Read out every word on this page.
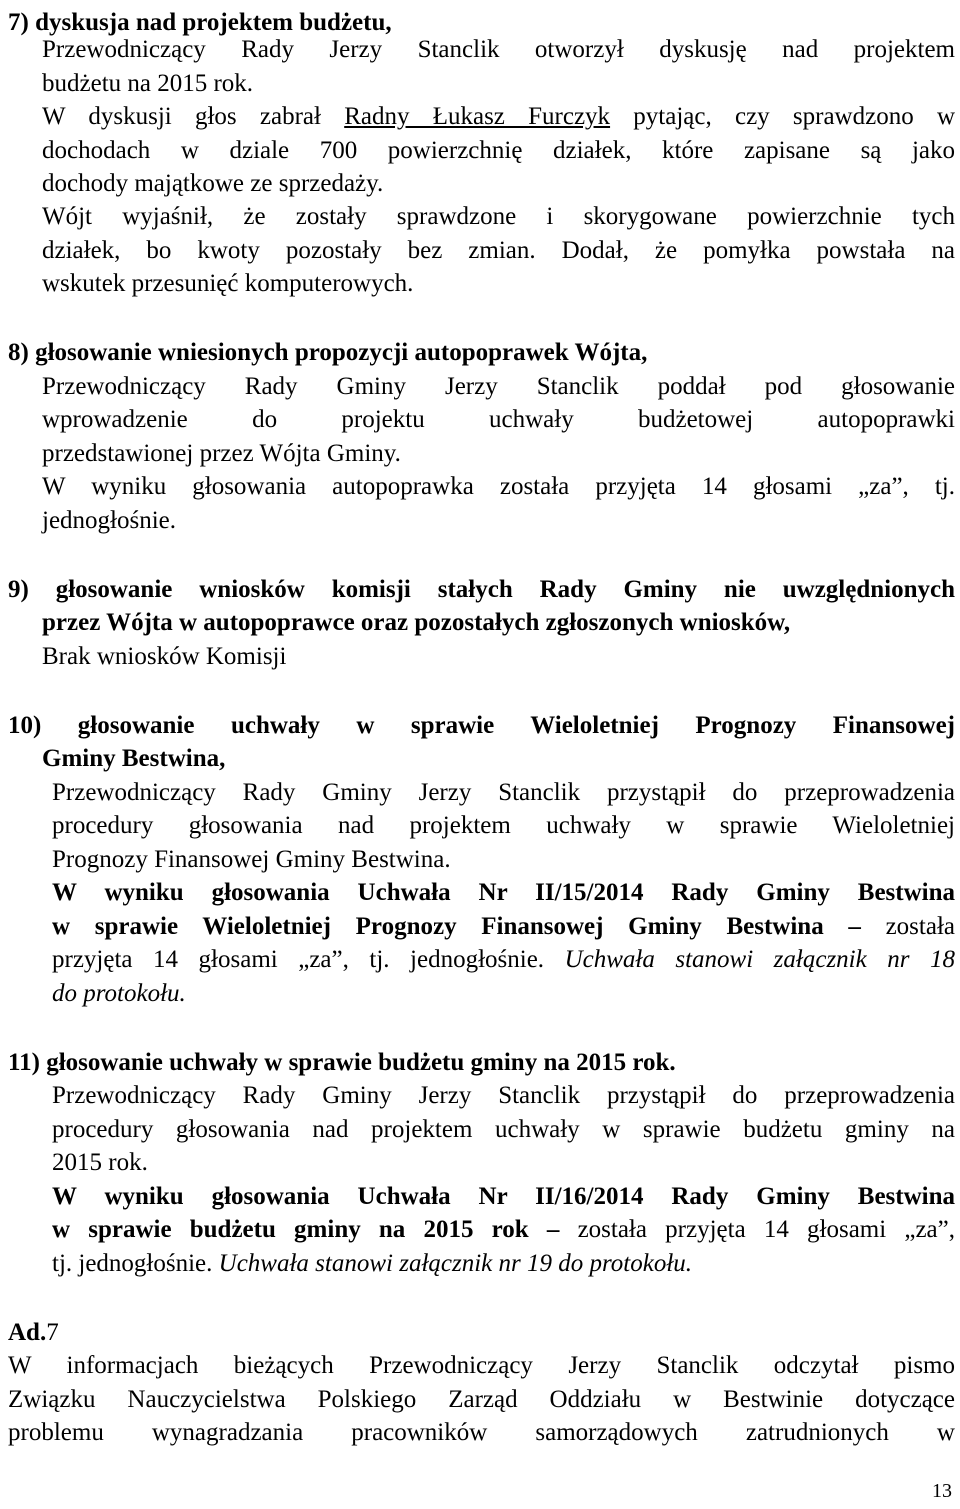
7) dyskusja nad projektem budżetu,
Przewodniczący Rady Jerzy Stanclik otworzył dyskusję nad projektem
budżetu na 2015 rok.
W dyskusji głos zabrał Radny Łukasz Furczyk pytając, czy sprawdzono w
dochodach w dziale 700 powierzchnię działek, które zapisane są jako
dochody majątkowe ze sprzedaży.
Wójt wyjaśnił, że zostały sprawdzone i skorygowane powierzchnie tych
działek, bo kwoty pozostały bez zmian. Dodał, że pomyłka powstała na
wskutek przesunięć komputerowych.
8) głosowanie wniesionych propozycji autopoprawek Wójta,
Przewodniczący Rady Gminy Jerzy Stanclik poddał pod głosowanie
wprowadzenie do projektu uchwały budżetowej autopoprawki
przedstawionej przez Wójta Gminy.
W wyniku głosowania autopoprawka została przyjęta 14 głosami „za”, tj.
jednogłośnie.
9) głosowanie wniosków komisji stałych Rady Gminy nie uwzględnionych
przez Wójta w autopoprawce oraz pozostałych zgłoszonych wniosków,
Brak wniosków Komisji
10) głosowanie uchwały w sprawie Wieloletniej Prognozy Finansowej
Gminy Bestwina,
Przewodniczący Rady Gminy Jerzy Stanclik przystąpił do przeprowadzenia
procedury głosowania nad projektem uchwały w sprawie Wieloletniej
Prognozy Finansowej Gminy Bestwina.
W wyniku głosowania Uchwała Nr II/15/2014 Rady Gminy Bestwina
w sprawie Wieloletniej Prognozy Finansowej Gminy Bestwina – została
przyjęta 14 głosami „za”, tj. jednogłośnie. Uchwała stanowi załącznik nr 18
do protokołu.
11) głosowanie uchwały w sprawie budżetu gminy na 2015 rok.
Przewodniczący Rady Gminy Jerzy Stanclik przystąpił do przeprowadzenia
procedury głosowania nad projektem uchwały w sprawie budżetu gminy na
2015 rok.
W wyniku głosowania Uchwała Nr II/16/2014 Rady Gminy Bestwina
w sprawie budżetu gminy na 2015 rok – została przyjęta 14 głosami „za”,
tj. jednogłośnie. Uchwała stanowi załącznik nr 19 do protokołu.
Ad.7
W informacjach bieżących Przewodniczący Jerzy Stanclik odczytał pismo
Związku Nauczycielstwa Polskiego Zarząd Oddziału w Bestwinie dotyczące
problemu wynagradzania pracowników samorządowych zatrudnionych w
13
